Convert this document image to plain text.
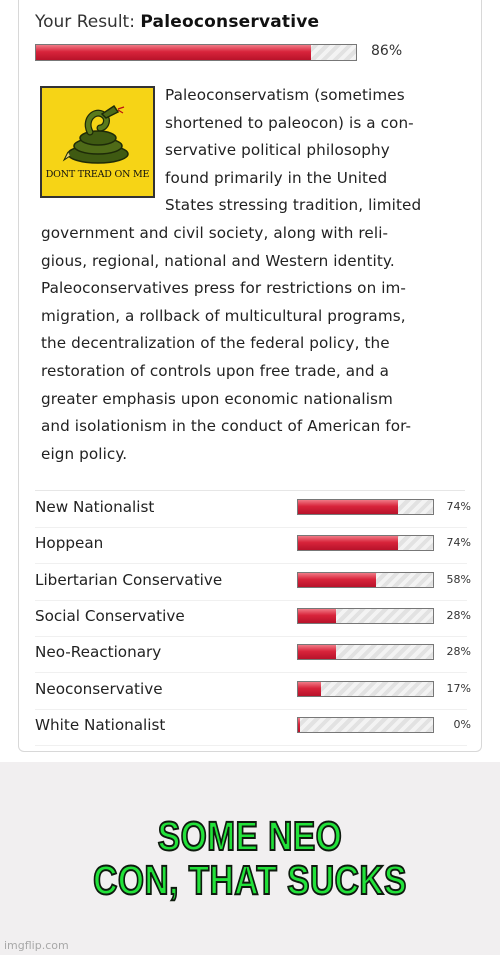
Your Result: Paleoconservative
86%
DONT TREAD ON ME
Paleoconservatism (sometimes
shortened to paleocon) is a con-
servative political philosophy
found primarily in the United
States stressing tradition, limited
government and civil society, along with reli-
gious, regional, national and Western identity.
Paleoconservatives press for restrictions on im-
migration, a rollback of multicultural programs,
the decentralization of the federal policy, the
restoration of controls upon free trade, and a
greater emphasis upon economic nationalism
and isolationism in the conduct of American for-
eign policy.
New Nationalist	74%
Hoppean	74%
Libertarian Conservative	58%
Social Conservative	28%
Neo-Reactionary	28%
Neoconservative	17%
White Nationalist	0%
SOME NEO
CON, THAT SUCKS
imgflip.com
